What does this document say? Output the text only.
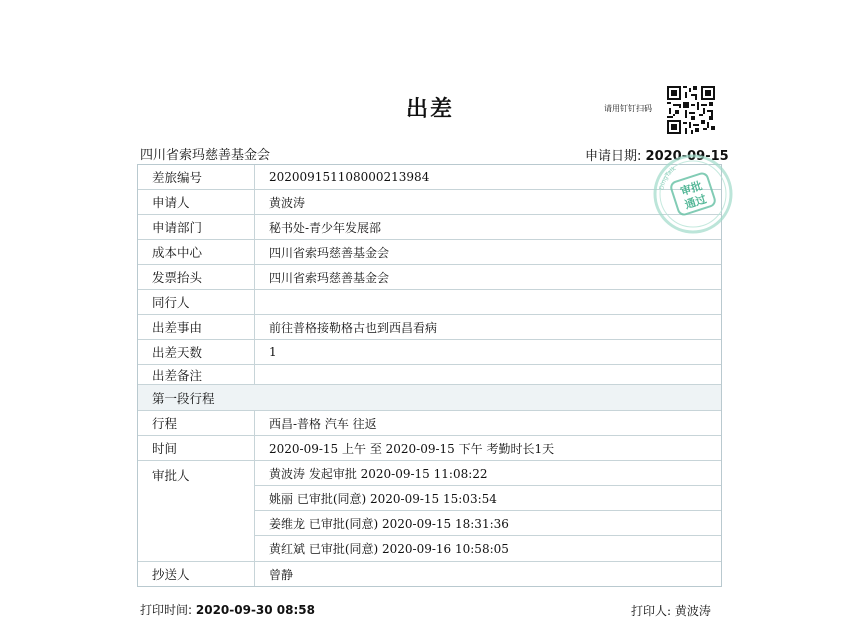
出差	请用钉钉扫码
四川省索玛慈善基金会	申请日期: 2020-09-15
差旅编号	202009151108000213984
申请人	黄波涛
申请部门	秘书处-青少年发展部
成本中心	四川省索玛慈善基金会
发票抬头	四川省索玛慈善基金会
同行人
出差事由	前往普格接勒格古也到西昌看病
出差天数	1
出差备注
第一段行程
行程	西昌-普格 汽车 往返
时间	2020-09-15 上午 至 2020-09-15 下午 考勤时长1天
审批人	黄波涛 发起审批 2020-09-15 11:08:22
姚丽 已审批(同意) 2020-09-15 15:03:54
姜维龙 已审批(同意) 2020-09-15 18:31:36
黄红斌 已审批(同意) 2020-09-16 10:58:05
抄送人	曾静
DingTalk
审批
通过
打印时间: 2020-09-30 08:58	打印人: 黄波涛
